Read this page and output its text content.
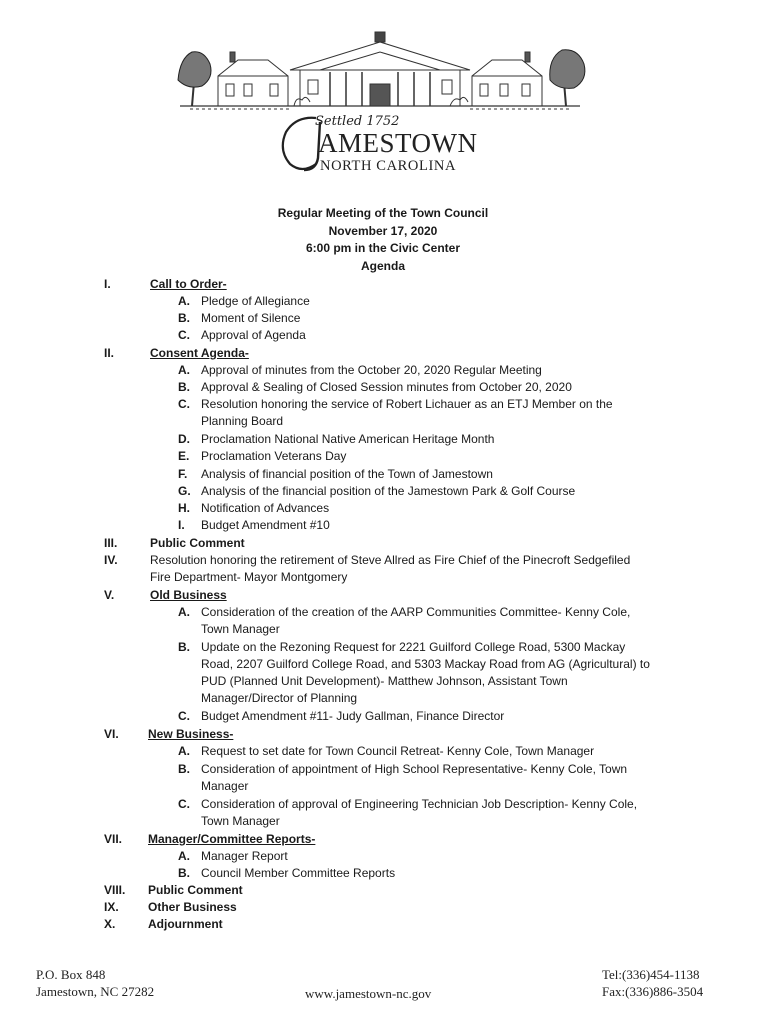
Settled 1752
AMESTOWN
NORTH CAROLINA
Regular Meeting of the Town Council
November 17, 2020
6:00 pm in the Civic Center
Agenda
I.	Call to Order-
A. Pledge of Allegiance
B. Moment of Silence
C. Approval of Agenda
II.	Consent Agenda-
A. Approval of minutes from the October 20, 2020 Regular Meeting
B. Approval & Sealing of Closed Session minutes from October 20, 2020
C. Resolution honoring the service of Robert Lichauer as an ETJ Member on the
Planning Board
D. Proclamation National Native American Heritage Month
E. Proclamation Veterans Day
F. Analysis of financial position of the Town of Jamestown
G. Analysis of the financial position of the Jamestown Park & Golf Course
H. Notification of Advances
I. Budget Amendment #10
III.	Public Comment
IV.	Resolution honoring the retirement of Steve Allred as Fire Chief of the Pinecroft Sedgefiled
Fire Department- Mayor Montgomery
V.	Old Business
A. Consideration of the creation of the AARP Communities Committee- Kenny Cole,
Town Manager
B. Update on the Rezoning Request for 2221 Guilford College Road, 5300 Mackay
Road, 2207 Guilford College Road, and 5303 Mackay Road from AG (Agricultural) to
PUD (Planned Unit Development)- Matthew Johnson, Assistant Town
Manager/Director of Planning
C. Budget Amendment #11- Judy Gallman, Finance Director
VI. New Business-
A. Request to set date for Town Council Retreat- Kenny Cole, Town Manager
B. Consideration of appointment of High School Representative- Kenny Cole, Town
Manager
C. Consideration of approval of Engineering Technician Job Description- Kenny Cole,
Town Manager
VII. Manager/Committee Reports-
A. Manager Report
B. Council Member Committee Reports
VIII. Public Comment
IX. Other Business
X.	Adjournment
P.O. Box 848
Jamestown, NC 27282	www.jamestown-nc.gov
Tel:(336)454-1138
Fax:(336)886-3504
